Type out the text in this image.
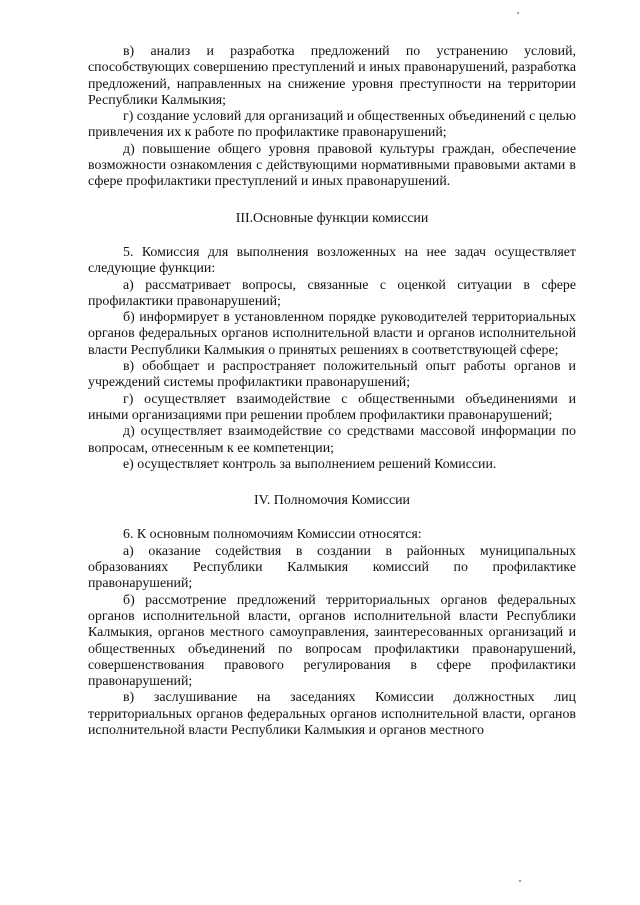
в) анализ и разработка предложений по устранению условий, способствующих совершению преступлений и иных правонарушений, разработка предложений, направленных на снижение уровня преступности на территории Республики Калмыкия;

г) создание условий для организаций и общественных объединений с целью привлечения их к работе по профилактике правонарушений;

д) повышение общего уровня правовой культуры граждан, обеспечение возможности ознакомления с действующими нормативными правовыми актами в сфере профилактики преступлений и иных правонарушений.

III.Основные функции комиссии

5. Комиссия для выполнения возложенных на нее задач осуществляет следующие функции:

а) рассматривает вопросы, связанные с оценкой ситуации в сфере профилактики правонарушений;

б) информирует в установленном порядке руководителей территориальных органов федеральных органов исполнительной власти и органов исполнительной власти Республики Калмыкия о принятых решениях в соответствующей сфере;

в) обобщает и распространяет положительный опыт работы органов и учреждений системы профилактики правонарушений;

г) осуществляет взаимодействие с общественными объединениями и иными организациями при решении проблем профилактики правонарушений;

д) осуществляет взаимодействие со средствами массовой информации по вопросам, отнесенным к ее компетенции;

е) осуществляет контроль за выполнением решений Комиссии.

IV. Полномочия Комиссии

6. К основным полномочиям Комиссии относятся:

а) оказание содействия в создании в районных муниципальных образованиях Республики Калмыкия комиссий по профилактике правонарушений;

б) рассмотрение предложений территориальных органов федеральных органов исполнительной власти, органов исполнительной власти Республики Калмыкия, органов местного самоуправления, заинтересованных организаций и общественных объединений по вопросам профилактики правонарушений, совершенствования правового регулирования в сфере профилактики правонарушений;

в) заслушивание на заседаниях Комиссии должностных лиц территориальных органов федеральных органов исполнительной власти, органов исполнительной власти Республики Калмыкия и органов местного
